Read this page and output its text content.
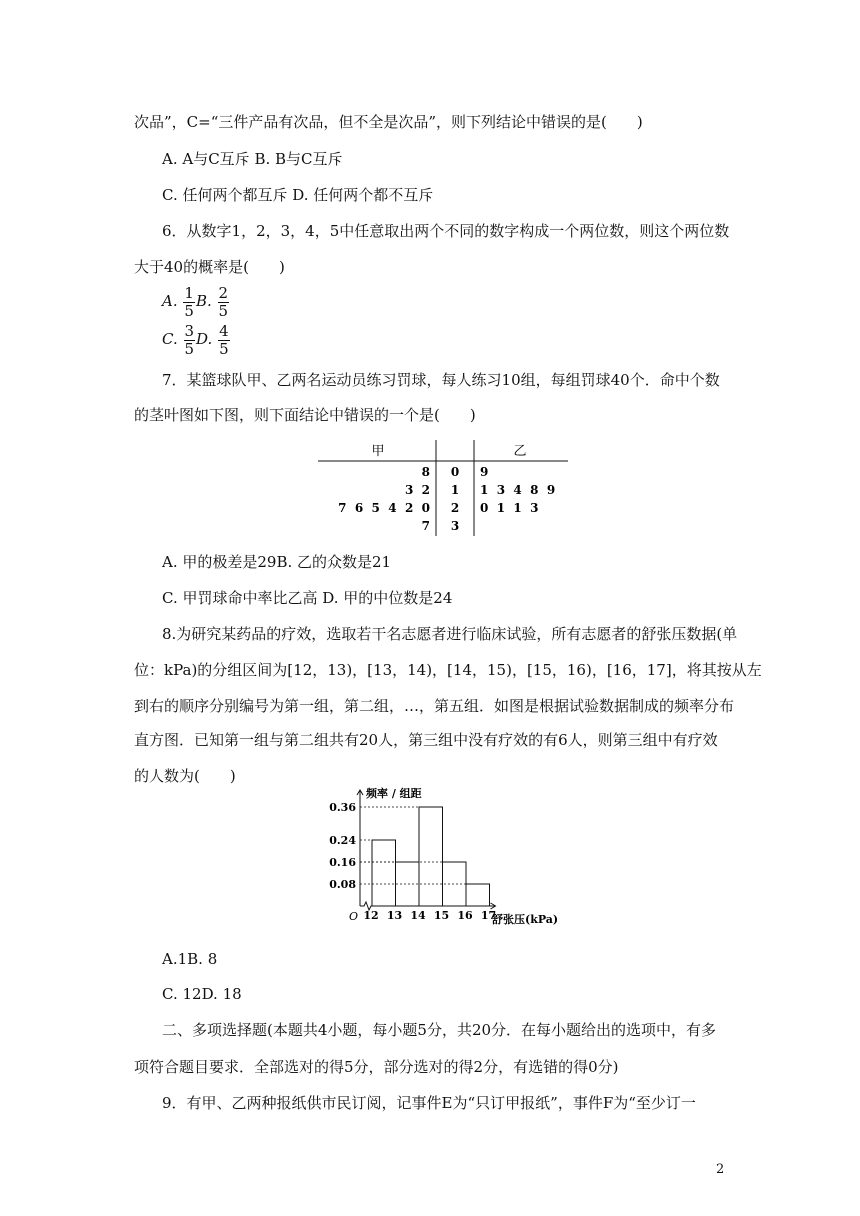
次品”，C=“三件产品有次品，但不全是次品”，则下列结论中错误的是(　　)
A. A与C互斥 B. B与C互斥
C. 任何两个都互斥 D. 任何两个都不互斥
6．从数字1，2，3，4，5中任意取出两个不同的数字构成一个两位数，则这个两位数
大于40的概率是(　　)
A. $\frac{1}{5} B$. $\frac{2}{5}$
C. $\frac{3}{5} D$. $\frac{4}{5}$
7．某篮球队甲、乙两名运动员练习罚球，每人练习10组，每组罚球40个．命中个数
的茎叶图如下图，则下面结论中错误的一个是(　　)
甲	乙
8 0 9
3  2 1 1  3  4  8  9
7  6  5  4  2  0 2 0  1  1  3
7 3
A. 甲的极差是29B. 乙的众数是21
C. 甲罚球命中率比乙高 D. 甲的中位数是24
8.为研究某药品的疗效，选取若干名志愿者进行临床试验，所有志愿者的舒张压数据(单
位：kPa)的分组区间为[12，13)，[13，14)，[14，15)，[15，16)，[16，17]，将其按从左
到右的顺序分别编号为第一组，第二组，…，第五组．如图是根据试验数据制成的频率分布
直方图．已知第一组与第二组共有20人，第三组中没有疗效的有6人，则第三组中有疗效
的人数为(　　)
0.08
0.16
0.24
0.36
12 13 14 15 16 17
频率 / 组距
舒张压(kPa)
O
A.1B. 8
C. 12D. 18
二、多项选择题(本题共4小题，每小题5分，共20分．在每小题给出的选项中，有多
项符合题目要求．全部选对的得5分，部分选对的得2分，有选错的得0分)
9．有甲、乙两种报纸供市民订阅，记事件E为“只订甲报纸”，事件F为“至少订一
2
